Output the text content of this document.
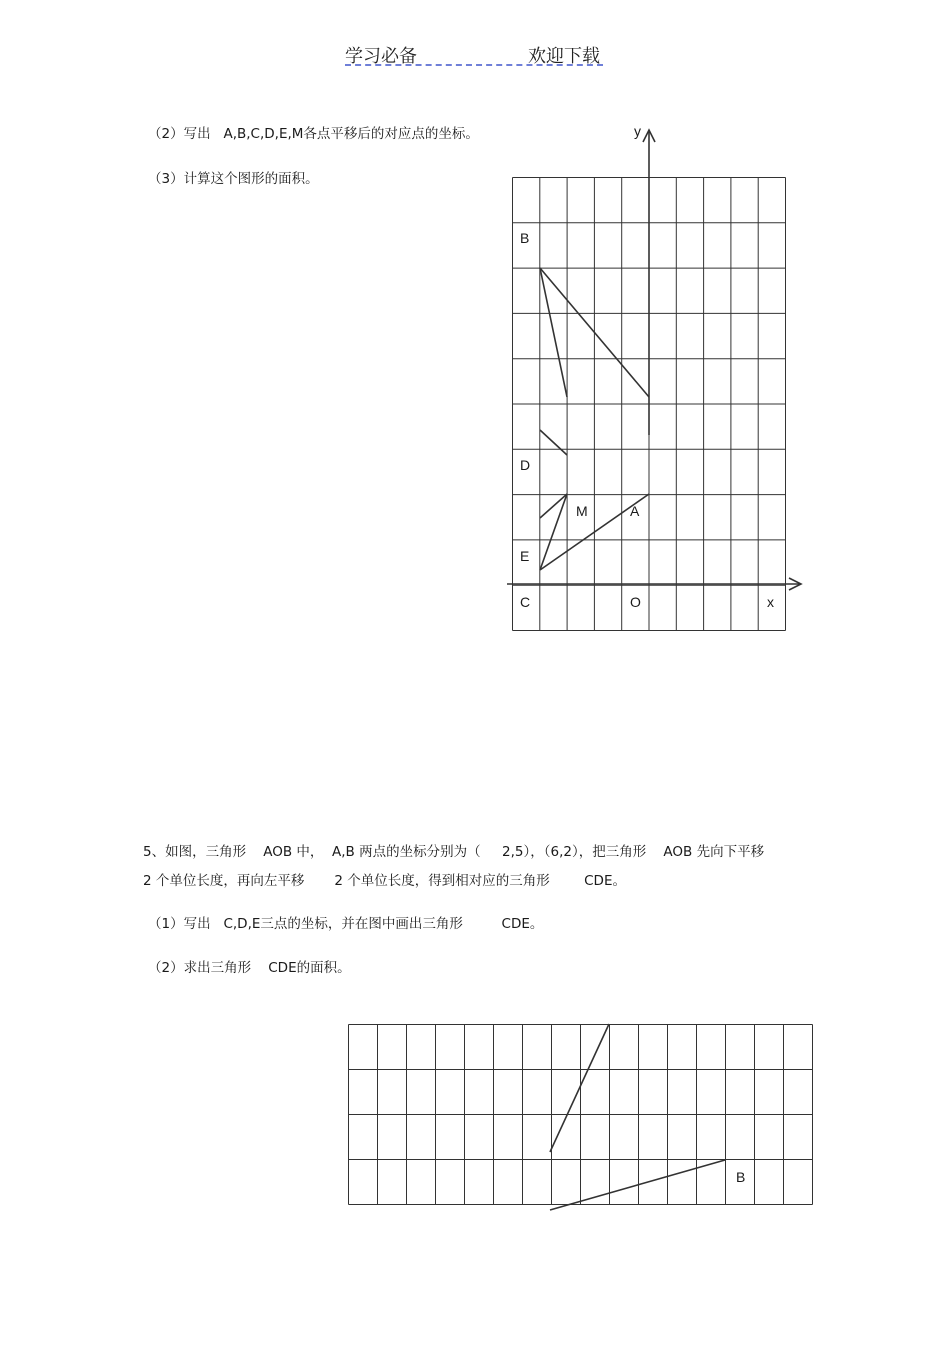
学习必备	欢迎下载
（2）写出   A,B,C,D,E,M各点平移后的对应点的坐标。
（3）计算这个图形的面积。
y
B
D
M	A
E
C	O	x
B
5、如图，三角形    AOB 中，  A,B 两点的坐标分别为（     2,5），（6,2），把三角形    AOB 先向下平移
2 个单位长度，再向左平移       2 个单位长度，得到相对应的三角形        CDE。
（1）写出   C,D,E三点的坐标，并在图中画出三角形         CDE。
（2）求出三角形    CDE的面积。
